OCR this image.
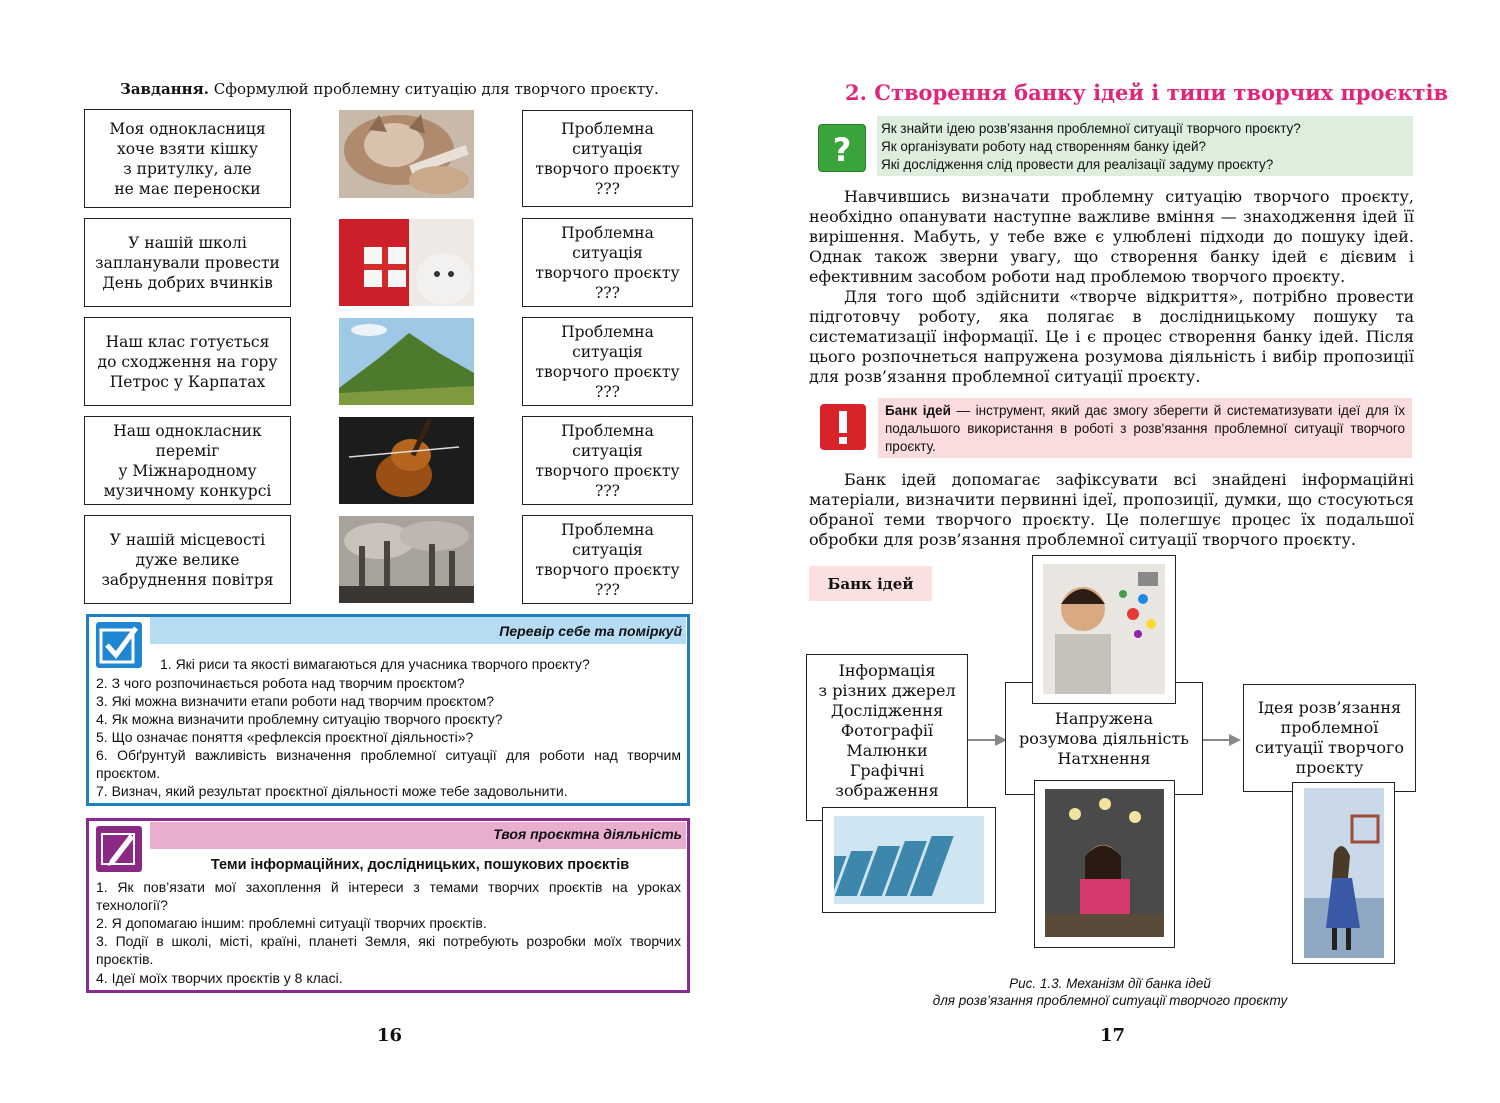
Завдання. Сформулюй проблемну ситуацію для творчого проєкту.
Моя однокласниця
хоче взяти кішку
з притулку, але
не має переноски
Проблемна
ситуація
творчого проєкту
???
У нашій школі
запланували провести
День добрих вчинків
Проблемна
ситуація
творчого проєкту
???
Наш клас готується
до сходження на гору
Петрос у Карпатах
Проблемна
ситуація
творчого проєкту
???
Наш однокласник
переміг
у Міжнародному
музичному конкурсі
Проблемна
ситуація
творчого проєкту
???
У нашій місцевості
дуже велике
забруднення повітря
Проблемна
ситуація
творчого проєкту
???
Перевір себе та поміркуй
1. Які риси та якості вимагаються для учасника творчого проєкту?
2. З чого розпочинається робота над творчим проєктом?
3. Які можна визначити етапи роботи над творчим проєктом?
4. Як можна визначити проблемну ситуацію творчого проєкту?
5. Що означає поняття «рефлексія проєктної діяльності»?
6. Обґрунтуй важливість визначення проблемної ситуації для роботи над творчим проєктом.
7. Визнач, який результат проєктної діяльності може тебе задовольнити.
Твоя проєктна діяльність
Теми інформаційних, дослідницьких, пошукових проєктів
1. Як пов’язати мої захоплення й інтереси з темами творчих проєктів на уроках технології?
2. Я допомагаю іншим: проблемні ситуації творчих проєктів.
3. Події в школі, місті, країні, планеті Земля, які потребують розробки моїх творчих проєктів.
4. Ідеї моїх творчих проєктів у 8 класі.
16
2. Створення банку ідей і типи творчих проєктів
?
Як знайти ідею розв’язання проблемної ситуації творчого проєкту?
Як організувати роботу над створенням банку ідей?
Які дослідження слід провести для реалізації задуму проєкту?
Навчившись визначати проблемну ситуацію творчого проєкту, необхідно опанувати наступне важливе вміння — знаходження ідей її вирішення. Мабуть, у тебе вже є улюблені підходи до пошуку ідей. Однак також зверни увагу, що створення банку ідей є дієвим і ефективним засобом роботи над проблемою творчого проєкту.
Для того щоб здійснити «творче відкриття», потрібно провести підготовчу роботу, яка полягає в дослідницькому пошуку та систематизації інформації. Це і є процес створення банку ідей. Після цього розпочнеться напружена розумова діяльність і вибір пропозиції для розв’язання проблемної ситуації проєкту.
Банк ідей — інструмент, який дає змогу зберегти й систематизувати ідеї для їх подальшого використання в роботі з розв'язання проблемної ситуації творчого проєкту.
Банк ідей допомагає зафіксувати всі знайдені інформаційні матеріали, визначити первинні ідеї, пропозиції, думки, що стосуються обраної теми творчого проєкту. Це полегшує процес їх подальшої обробки для розв’язання проблемної ситуації творчого проєкту.
Банк ідей
Інформація
з різних джерел
Дослідження
Фотографії
Малюнки
Графічні
зображення
Напружена
розумова діяльність
Натхнення
Ідея розв’язання
проблемної
ситуації творчого
проєкту
Рис. 1.3. Механізм дії банка ідей
для розв’язання проблемної ситуації творчого проєкту
17
